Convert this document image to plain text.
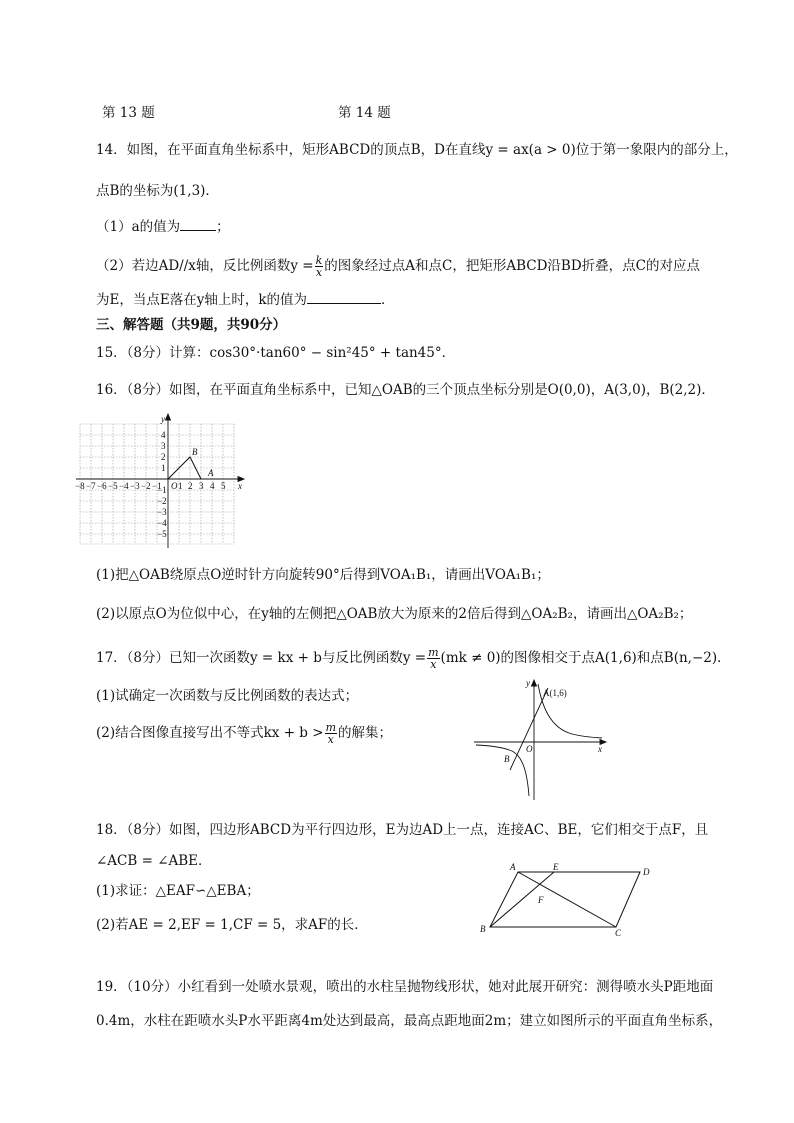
第 13 题	第 14 题
14．如图，在平面直角坐标系中，矩形ABCD的顶点B，D在直线y = ax(a > 0)位于第一象限内的部分上，
点B的坐标为(1,3)．
（1）a的值为	；
（2）若边AD//x轴，反比例函数$y = \frac{k}{x}$ 的图象经过点A和点C，把矩形ABCD沿BD折叠，点C的对应点
为E，当点E落在y轴上时，k的值为	．
三、解答题（共9题，共90分）
15．（8分）计算：cos30°·tan60° − sin²45° + tan45°．
16．（8分）如图，在平面直角坐标系中，已知△OAB的三个顶点坐标分别是O(0,0)，A(3,0)，B(2,2)．
x
y
B
A
−8 −7 −6 −5 −4 −3 −2 −1 O 1 2 3 4 5
4
3
2
1
−1
−2
−3
−4
−5
(1)把△OAB绕原点O逆时针方向旋转90°后得到VOA₁B₁，请画出VOA₁B₁；
(2)以原点O为位似中心，在y轴的左侧把△OAB放大为原来的2倍后得到△OA₂B₂，请画出△OA₂B₂；
17．（8分）已知一次函数y = kx + b与反比例函数$y = \frac{m}{x} (mk \ne 0)$的图像相交于点A(1,6)和点B(n,−2)．
(1)试确定一次函数与反比例函数的表达式；
(2)结合图像直接写出不等式kx + $b > \frac{m}{x}$ 的解集；
A(1,6)
B
O	x
y
18．（8分）如图，四边形ABCD为平行四边形，E为边AD上一点，连接AC、BE，它们相交于点F，且
∠ACB = ∠ABE．
(1)求证：△EAF∽△EBA；
(2)若AE = 2,EF = 1,CF = 5，求AF的长．
A	E	D
F
B	C
19．（10分）小红看到一处喷水景观，喷出的水柱呈抛物线形状，她对此展开研究：测得喷水头P距地面
0.4m，水柱在距喷水头P水平距离4m处达到最高，最高点距地面2m；建立如图所示的平面直角坐标系，
